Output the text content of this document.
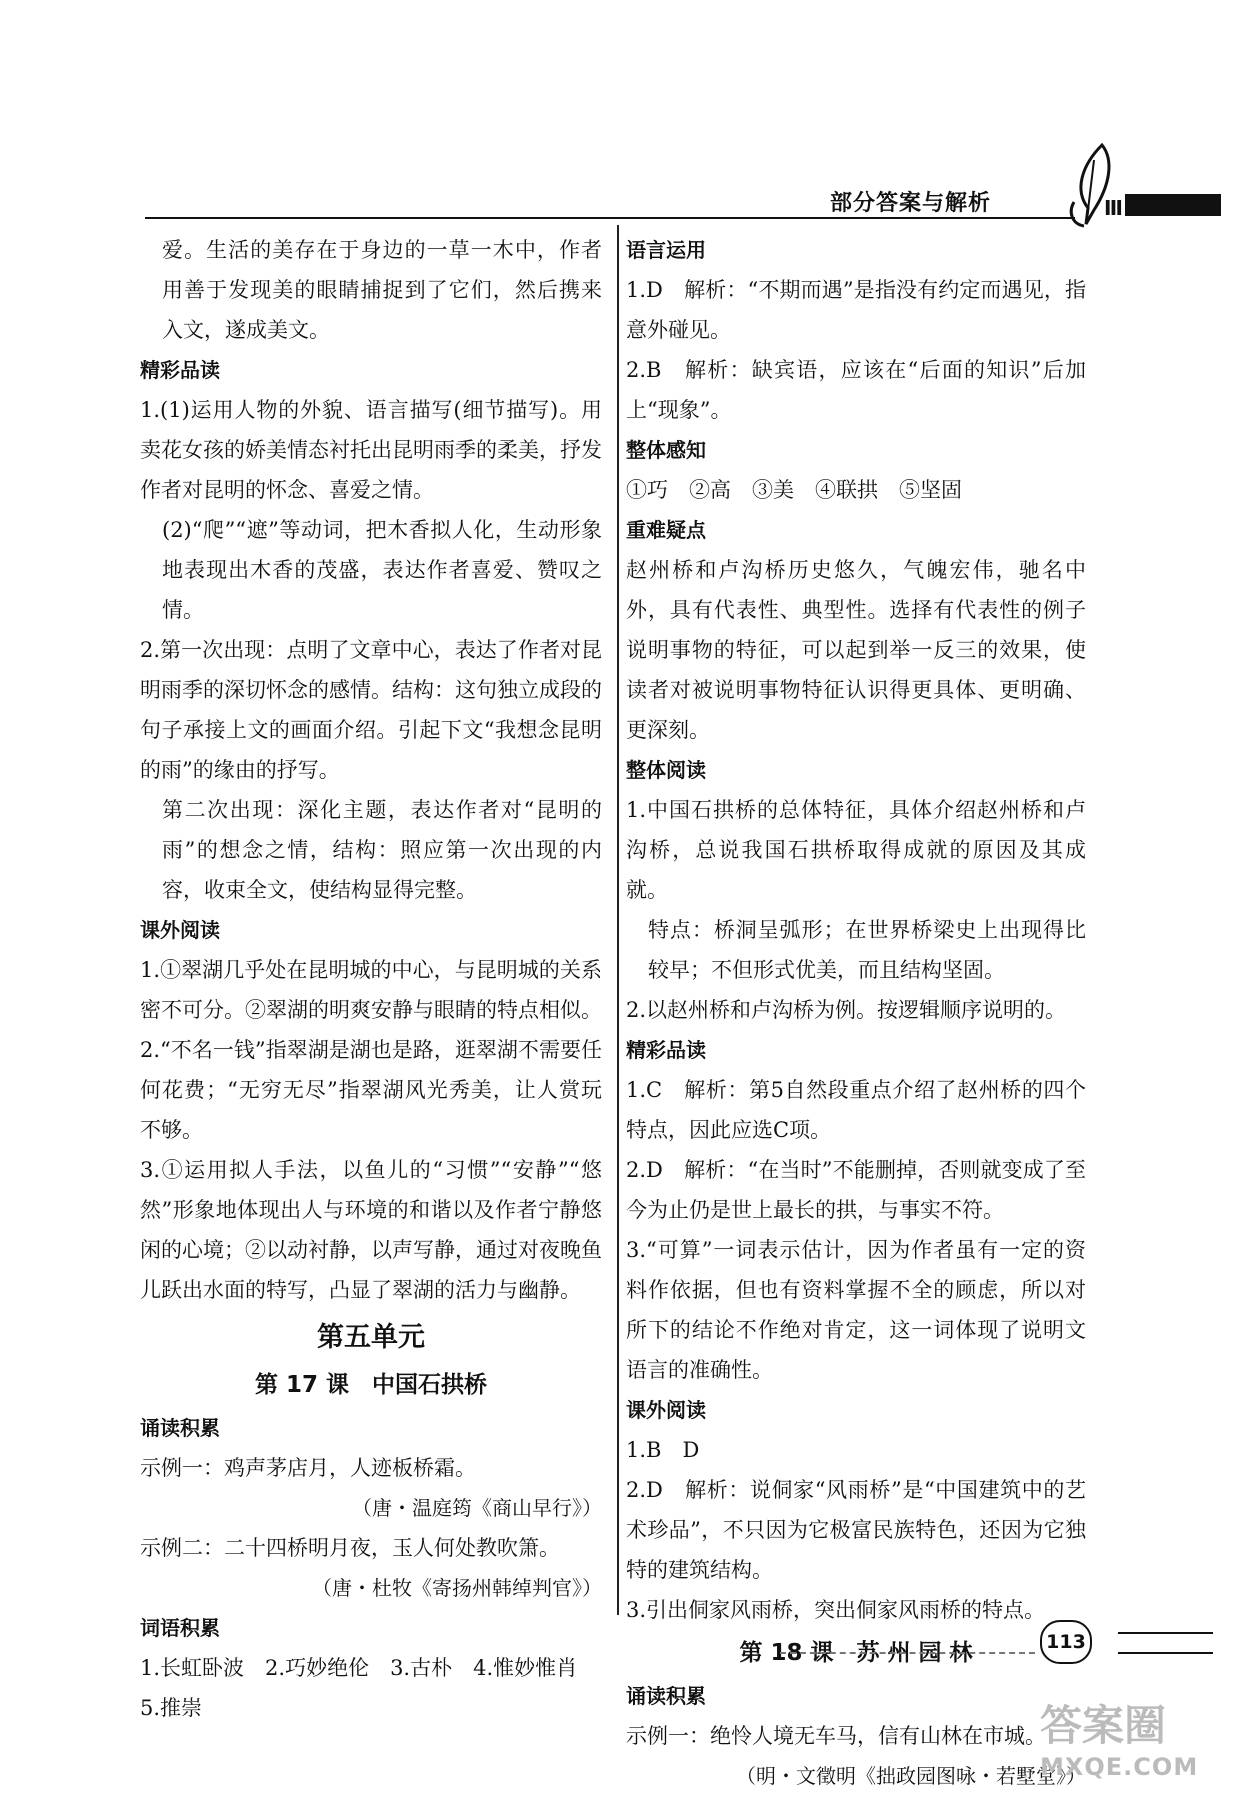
部分答案与解析	Ⅲ

爱。生活的美存在于身边的一草一木中，作者用善于发现美的眼睛捕捉到了它们，然后携来入文，遂成美文。

精彩品读

1.(1)运用人物的外貌、语言描写(细节描写)。用卖花女孩的娇美情态衬托出昆明雨季的柔美，抒发作者对昆明的怀念、喜爱之情。

(2)“爬”“遮”等动词，把木香拟人化，生动形象地表现出木香的茂盛，表达作者喜爱、赞叹之情。

2.第一次出现：点明了文章中心，表达了作者对昆明雨季的深切怀念的感情。结构：这句独立成段的句子承接上文的画面介绍。引起下文“我想念昆明的雨”的缘由的抒写。

第二次出现：深化主题，表达作者对“昆明的雨”的想念之情，结构：照应第一次出现的内容，收束全文，使结构显得完整。

课外阅读

1.①翠湖几乎处在昆明城的中心，与昆明城的关系密不可分。②翠湖的明爽安静与眼睛的特点相似。

2.“不名一钱”指翠湖是湖也是路，逛翠湖不需要任何花费；“无穷无尽”指翠湖风光秀美，让人赏玩不够。

3.①运用拟人手法，以鱼儿的“习惯”“安静”“悠然”形象地体现出人与环境的和谐以及作者宁静悠闲的心境；②以动衬静，以声写静，通过对夜晚鱼儿跃出水面的特写，凸显了翠湖的活力与幽静。

第五单元
第 17 课　中国石拱桥
诵读积累

示例一：鸡声茅店月，人迹板桥霜。

（唐・温庭筠《商山早行》）

示例二：二十四桥明月夜，玉人何处教吹箫。

（唐・杜牧《寄扬州韩绰判官》）

词语积累

1.长虹卧波　2.巧妙绝伦　3.古朴　4.惟妙惟肖

5.推崇

语言运用

1.D　解析：“不期而遇”是指没有约定而遇见，指意外碰见。

2.B　解析：缺宾语，应该在“后面的知识”后加上“现象”。

整体感知

①巧　②高　③美　④联拱　⑤坚固

重难疑点

赵州桥和卢沟桥历史悠久，气魄宏伟，驰名中外，具有代表性、典型性。选择有代表性的例子说明事物的特征，可以起到举一反三的效果，使读者对被说明事物特征认识得更具体、更明确、更深刻。

整体阅读

1.中国石拱桥的总体特征，具体介绍赵州桥和卢沟桥，总说我国石拱桥取得成就的原因及其成就。

特点：桥洞呈弧形；在世界桥梁史上出现得比较早；不但形式优美，而且结构坚固。

2.以赵州桥和卢沟桥为例。按逻辑顺序说明的。

精彩品读

1.C　解析：第5自然段重点介绍了赵州桥的四个特点，因此应选C项。

2.D　解析：“在当时”不能删掉，否则就变成了至今为止仍是世上最长的拱，与事实不符。

3.“可算”一词表示估计，因为作者虽有一定的资料作依据，但也有资料掌握不全的顾虑，所以对所下的结论不作绝对肯定，这一词体现了说明文语言的准确性。

课外阅读

1.B　D

2.D　解析：说侗家“风雨桥”是“中国建筑中的艺术珍品”，不只因为它极富民族特色，还因为它独特的建筑结构。

3.引出侗家风雨桥，突出侗家风雨桥的特点。

第 18 课　苏 州 园 林
诵读积累

示例一：绝怜人境无车马，信有山林在市城。

（明・文徵明《拙政园图咏・若墅堂》）

113
答案圈
MXQE.COM
